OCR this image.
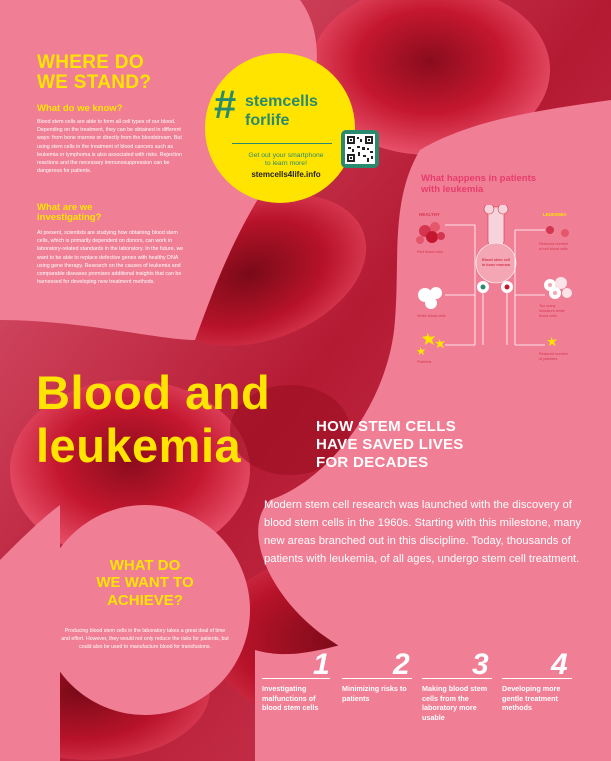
WHERE DO
WE STAND?
What do we know?
Blood stem cells are able to form all cell types of our blood. Depending on the treatment, they can be obtained in different ways: from bone marrow or directly from the bloodstream. But using stem cells in the treatment of blood cancers such as leukemia or lymphoma is also associated with risks. Rejection reactions and the necessary immunosuppression can be dangerous for patients.
What are we
investigating?
At present, scientists are studying how obtaining blood stem cells, which is primarily dependent on donors, can work in laboratory-related standards in the laboratory. In the future, we want to be able to replace defective genes with healthy DNA using gene therapy. Research on the causes of leukemia and comparable diseases promises additional insights that can be harnessed for developing new treatment methods.
# stemcells
forlife
Get out your smartphone
to learn more!
stemcells4life.info	What happens in patients
with leukemia
HEALTHY	LEUKEMIA
Blood stem cell
in bone marrow
Red blood cells
White blood cells
Platelets
Reduced number
of red blood cells
Too many
immature white
blood cells
Reduced number
of platelets
Blood and
leukemia	HOW STEM CELLS
HAVE SAVED LIVES
FOR DECADES
Modern stem cell research was launched with the discovery of blood stem cells in the 1960s. Starting with this milestone, many new areas branched out in this discipline. Today, thousands of patients with leukemia, of all ages, undergo stem cell treatment.
WHAT DO
WE WANT TO
ACHIEVE?
Producing blood stem cells in the laboratory takes a great deal of time and effort. However, they would not only reduce the risks for patients, but could also be used to manufacture blood for transfusions.
1
Investigating malfunctions of blood stem cells
2
Minimizing risks to patients
3
Making blood stem cells from the laboratory more usable
4
Developing more gentle treatment methods
